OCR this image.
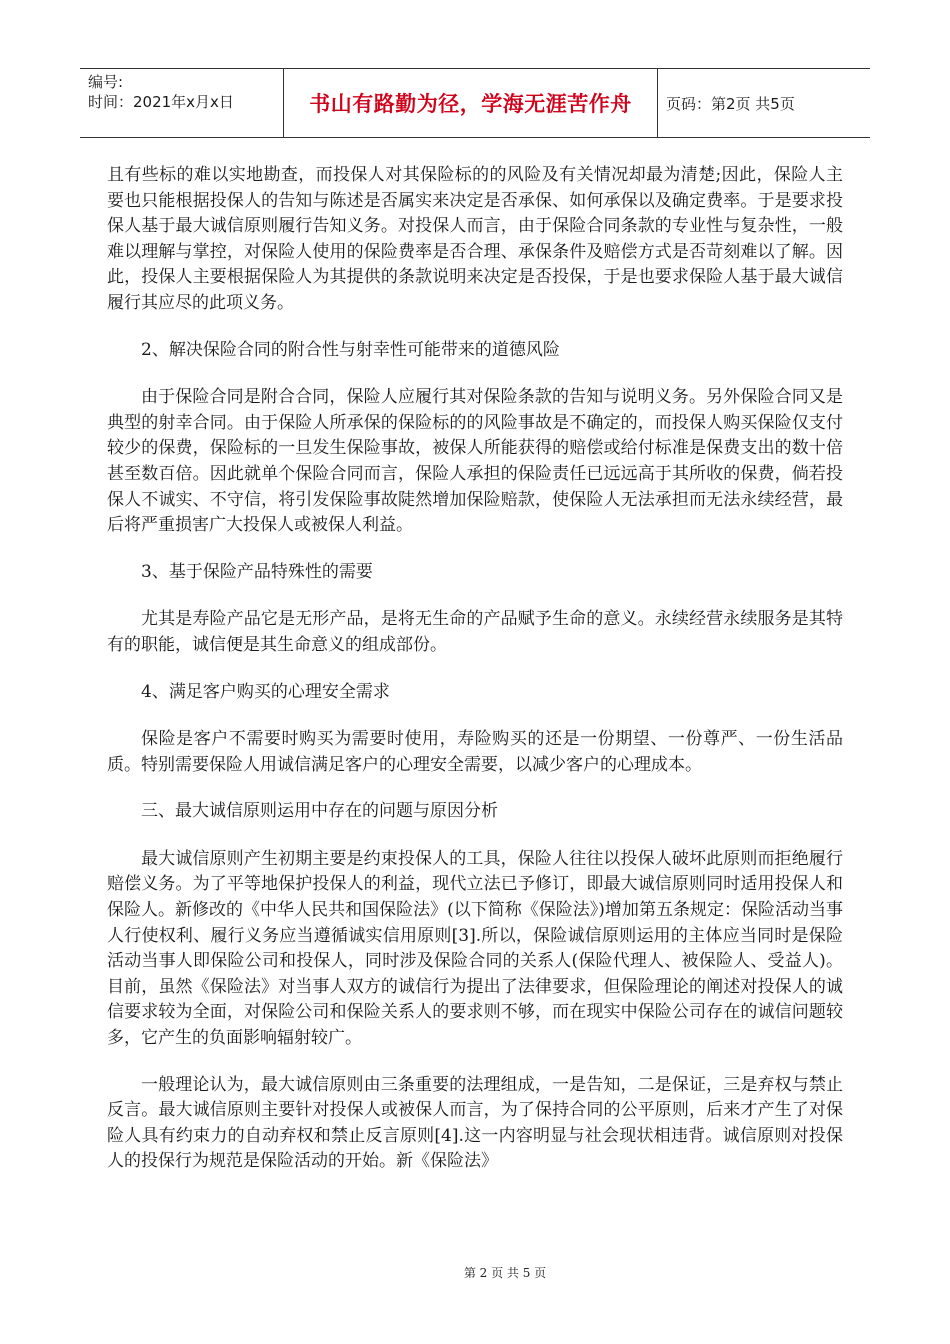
编号:
时间：2021年x月x日	书山有路勤为径，学海无涯苦作舟	页码：第2页 共5页

且有些标的难以实地勘查，而投保人对其保险标的的风险及有关情况却最为清楚;因此，保险人主要也只能根据投保人的告知与陈述是否属实来决定是否承保、如何承保以及确定费率。于是要求投保人基于最大诚信原则履行告知义务。对投保人而言，由于保险合同条款的专业性与复杂性，一般难以理解与掌控，对保险人使用的保险费率是否合理、承保条件及赔偿方式是否苛刻难以了解。因此，投保人主要根据保险人为其提供的条款说明来决定是否投保，于是也要求保险人基于最大诚信履行其应尽的此项义务。

2、解决保险合同的附合性与射幸性可能带来的道德风险

由于保险合同是附合合同，保险人应履行其对保险条款的告知与说明义务。另外保险合同又是典型的射幸合同。由于保险人所承保的保险标的的风险事故是不确定的，而投保人购买保险仅支付较少的保费，保险标的一旦发生保险事故，被保人所能获得的赔偿或给付标准是保费支出的数十倍甚至数百倍。因此就单个保险合同而言，保险人承担的保险责任已远远高于其所收的保费，倘若投保人不诚实、不守信，将引发保险事故陡然增加保险赔款，使保险人无法承担而无法永续经营，最后将严重损害广大投保人或被保人利益。

3、基于保险产品特殊性的需要

尤其是寿险产品它是无形产品，是将无生命的产品赋予生命的意义。永续经营永续服务是其特有的职能，诚信便是其生命意义的组成部份。

4、满足客户购买的心理安全需求

保险是客户不需要时购买为需要时使用，寿险购买的还是一份期望、一份尊严、一份生活品质。特别需要保险人用诚信满足客户的心理安全需要，以减少客户的心理成本。

三、最大诚信原则运用中存在的问题与原因分析

最大诚信原则产生初期主要是约束投保人的工具，保险人往往以投保人破坏此原则而拒绝履行赔偿义务。为了平等地保护投保人的利益，现代立法已予修订，即最大诚信原则同时适用投保人和保险人。新修改的《中华人民共和国保险法》(以下简称《保险法》)增加第五条规定：保险活动当事人行使权利、履行义务应当遵循诚实信用原则[3].所以，保险诚信原则运用的主体应当同时是保险活动当事人即保险公司和投保人，同时涉及保险合同的关系人(保险代理人、被保险人、受益人)。目前，虽然《保险法》对当事人双方的诚信行为提出了法律要求，但保险理论的阐述对投保人的诚信要求较为全面，对保险公司和保险关系人的要求则不够，而在现实中保险公司存在的诚信问题较多，它产生的负面影响辐射较广。

一般理论认为，最大诚信原则由三条重要的法理组成，一是告知，二是保证，三是弃权与禁止反言。最大诚信原则主要针对投保人或被保人而言，为了保持合同的公平原则，后来才产生了对保险人具有约束力的自动弃权和禁止反言原则[4].这一内容明显与社会现状相违背。诚信原则对投保人的投保行为规范是保险活动的开始。新《保险法》

第 2 页 共 5 页
